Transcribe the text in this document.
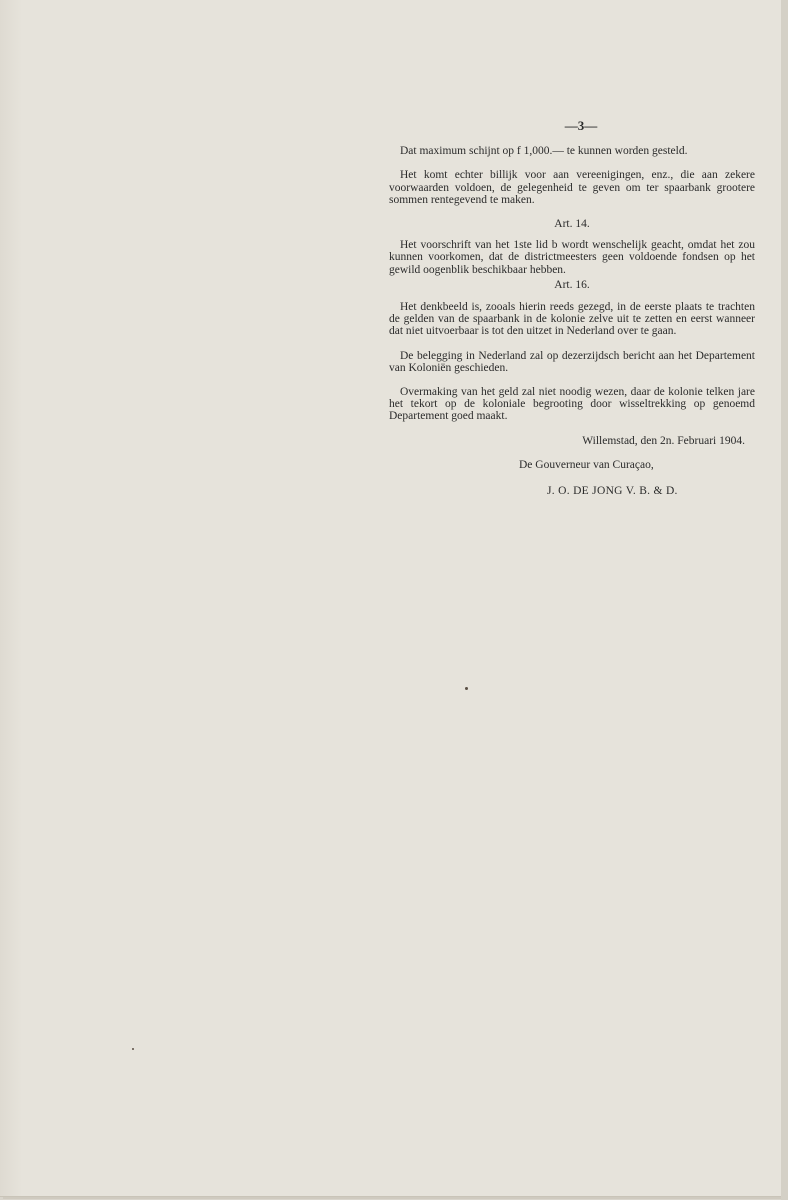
—3—

Dat maximum schijnt op f 1,000.— te kunnen worden gesteld.

Het komt echter billijk voor aan vereenigingen, enz., die aan zekere voorwaarden voldoen, de gelegenheid te geven om ter spaarbank grootere sommen rentegevend te maken.

Art. 14.

Het voorschrift van het 1ste lid b wordt wenschelijk geacht, omdat het zou kunnen voorkomen, dat de districtmeesters geen voldoende fondsen op het gewild oogenblik beschikbaar hebben.

Art. 16.

Het denkbeeld is, zooals hierin reeds gezegd, in de eerste plaats te trachten de gelden van de spaarbank in de kolonie zelve uit te zetten en eerst wanneer dat niet uitvoerbaar is tot den uitzet in Nederland over te gaan.

De belegging in Nederland zal op dezerzijdsch bericht aan het Departement van Koloniën geschieden.

Overmaking van het geld zal niet noodig wezen, daar de kolonie telken jare het tekort op de koloniale begrooting door wisseltrekking op genoemd Departement goed maakt.

Willemstad, den 2n. Februari 1904.
De Gouverneur van Curaçao,
J. O. DE JONG V. B. & D.
